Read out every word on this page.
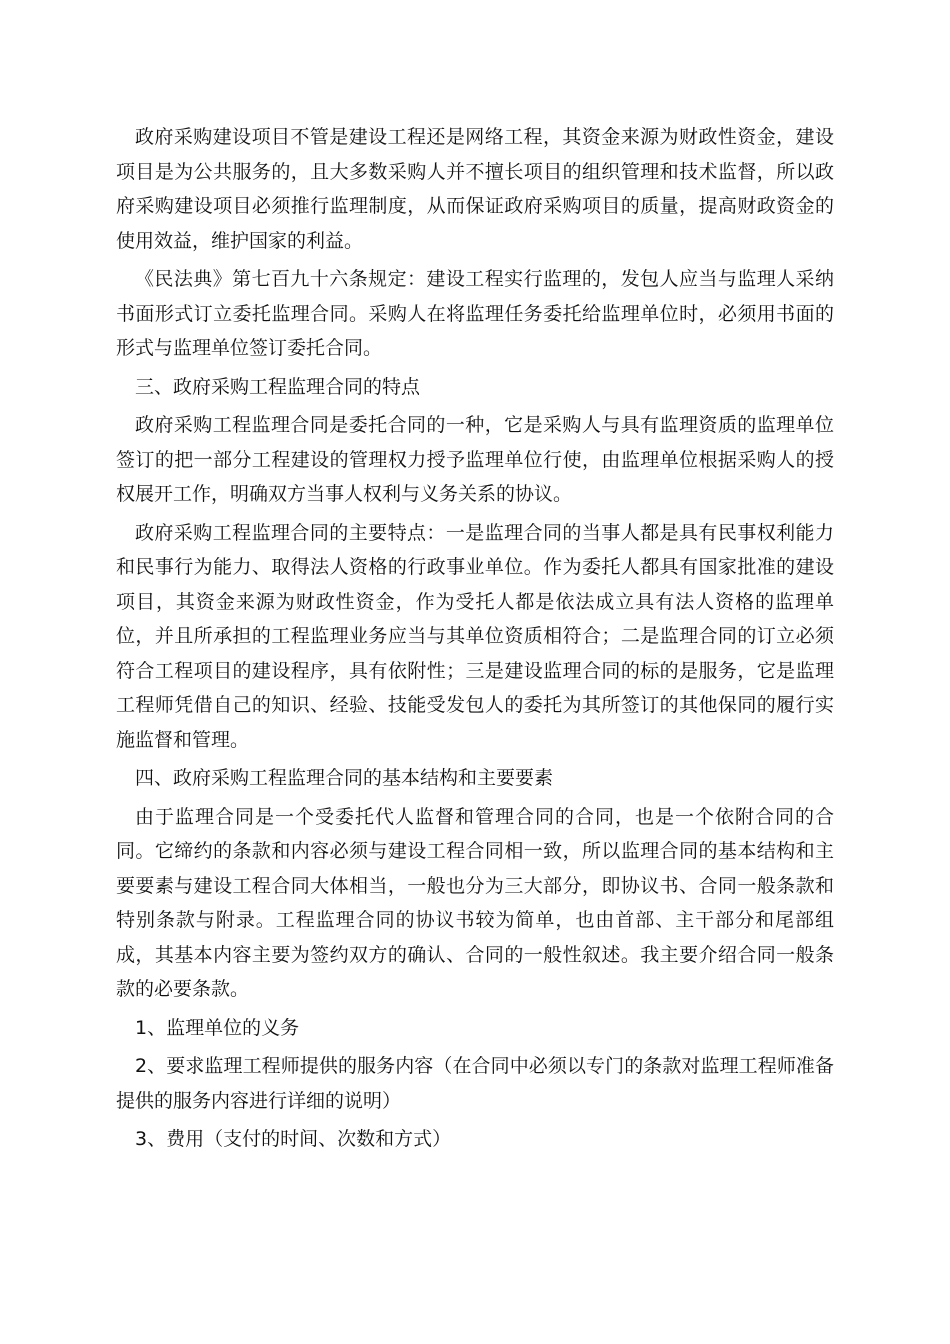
政府采购建设项目不管是建设工程还是网络工程，其资金来源为财政性资金，建设项目是为公共服务的，且大多数采购人并不擅长项目的组织管理和技术监督，所以政府采购建设项目必须推行监理制度，从而保证政府采购项目的质量，提高财政资金的使用效益，维护国家的利益。

《民法典》第七百九十六条规定：建设工程实行监理的，发包人应当与监理人采纳书面形式订立委托监理合同。采购人在将监理任务委托给监理单位时，必须用书面的形式与监理单位签订委托合同。

三、政府采购工程监理合同的特点

政府采购工程监理合同是委托合同的一种，它是采购人与具有监理资质的监理单位签订的把一部分工程建设的管理权力授予监理单位行使，由监理单位根据采购人的授权展开工作，明确双方当事人权利与义务关系的协议。

政府采购工程监理合同的主要特点：一是监理合同的当事人都是具有民事权利能力和民事行为能力、取得法人资格的行政事业单位。作为委托人都具有国家批准的建设项目，其资金来源为财政性资金，作为受托人都是依法成立具有法人资格的监理单位，并且所承担的工程监理业务应当与其单位资质相符合；二是监理合同的订立必须符合工程项目的建设程序，具有依附性；三是建设监理合同的标的是服务，它是监理工程师凭借自己的知识、经验、技能受发包人的委托为其所签订的其他保同的履行实施监督和管理。

四、政府采购工程监理合同的基本结构和主要要素

由于监理合同是一个受委托代人监督和管理合同的合同，也是一个依附合同的合同。它缔约的条款和内容必须与建设工程合同相一致，所以监理合同的基本结构和主要要素与建设工程合同大体相当，一般也分为三大部分，即协议书、合同一般条款和特别条款与附录。工程监理合同的协议书较为简单，也由首部、主干部分和尾部组成，其基本内容主要为签约双方的确认、合同的一般性叙述。我主要介绍合同一般条款的必要条款。

1、监理单位的义务

2、要求监理工程师提供的服务内容（在合同中必须以专门的条款对监理工程师准备提供的服务内容进行详细的说明）

3、费用（支付的时间、次数和方式）
